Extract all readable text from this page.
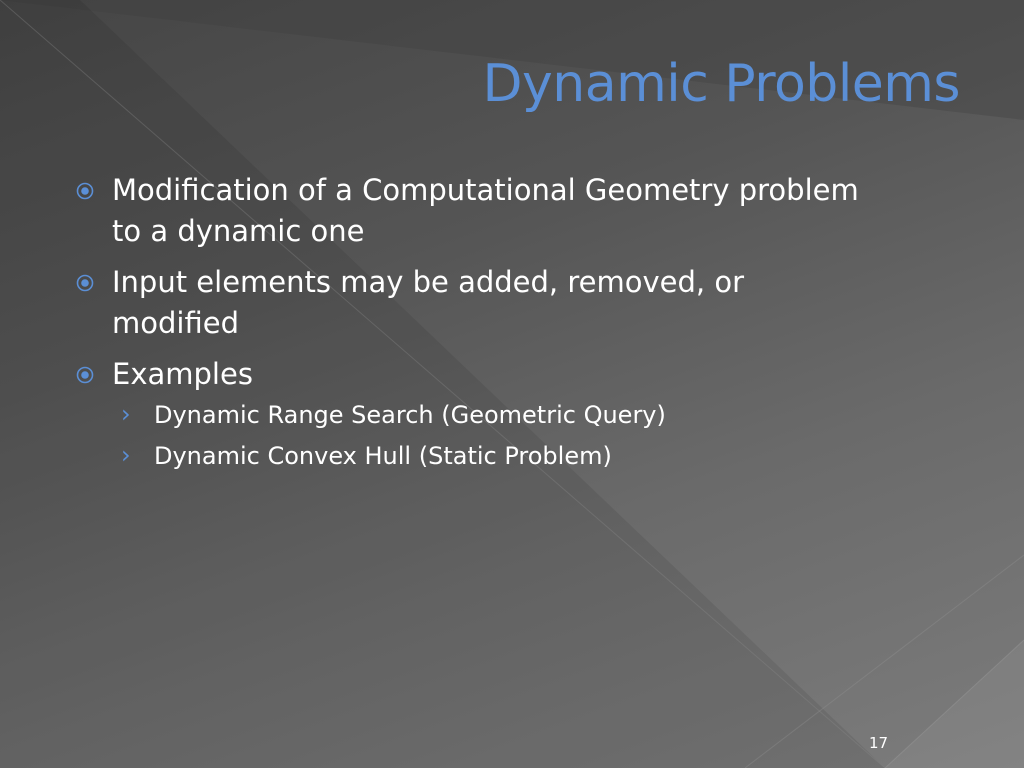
Dynamic Problems
Modification of a Computational Geometry problem to a dynamic one
Input elements may be added, removed, or modified
Examples
› Dynamic Range Search (Geometric Query)
› Dynamic Convex Hull (Static Problem)
17
